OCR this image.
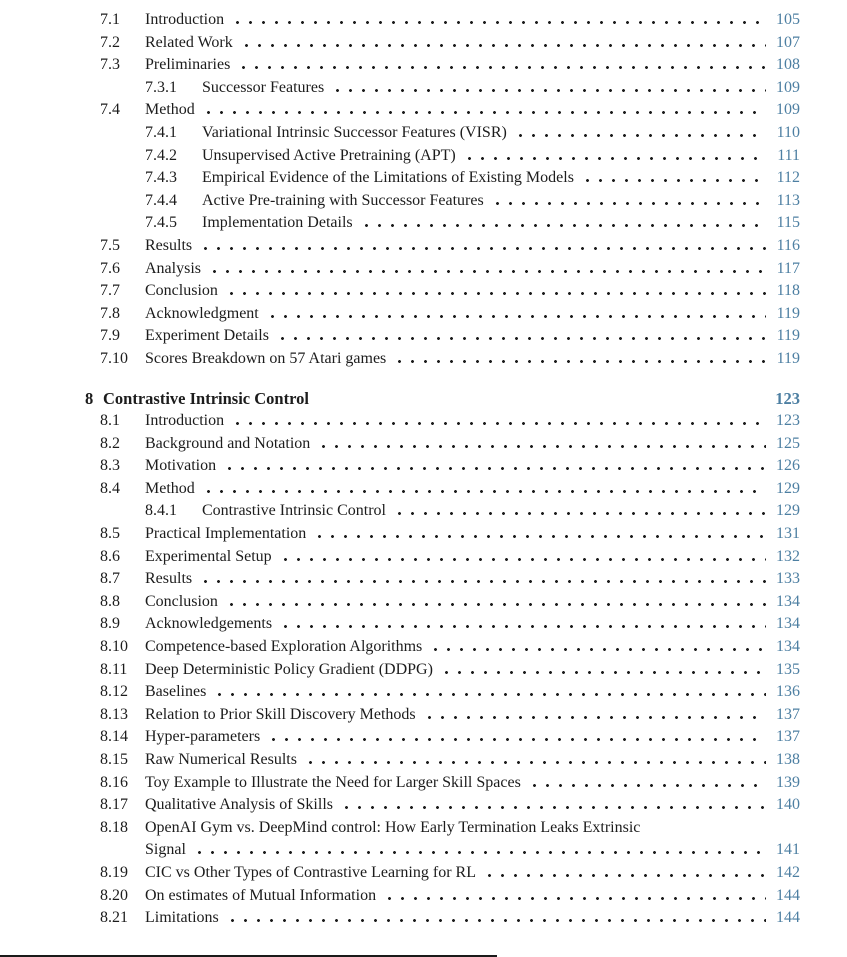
7.1	Introduction	105
7.2	Related Work	107
7.3	Preliminaries	108
7.3.1	Successor Features	109
7.4	Method	109
7.4.1	Variational Intrinsic Successor Features (VISR)	110
7.4.2	Unsupervised Active Pretraining (APT)	111
7.4.3	Empirical Evidence of the Limitations of Existing Models	112
7.4.4	Active Pre-training with Successor Features	113
7.4.5	Implementation Details	115
7.5	Results	116
7.6	Analysis	117
7.7	Conclusion	118
7.8	Acknowledgment	119
7.9	Experiment Details	119
7.10	Scores Breakdown on 57 Atari games	119
8 Contrastive Intrinsic Control	123
8.1	Introduction	123
8.2	Background and Notation	125
8.3	Motivation	126
8.4	Method	129
8.4.1	Contrastive Intrinsic Control	129
8.5	Practical Implementation	131
8.6	Experimental Setup	132
8.7	Results	133
8.8	Conclusion	134
8.9	Acknowledgements	134
8.10	Competence-based Exploration Algorithms	134
8.11	Deep Deterministic Policy Gradient (DDPG)	135
8.12	Baselines	136
8.13	Relation to Prior Skill Discovery Methods	137
8.14	Hyper-parameters	137
8.15	Raw Numerical Results	138
8.16	Toy Example to Illustrate the Need for Larger Skill Spaces	139
8.17	Qualitative Analysis of Skills	140
8.18	OpenAI Gym vs. DeepMind control: How Early Termination Leaks Extrinsic
Signal	141
8.19	CIC vs Other Types of Contrastive Learning for RL	142
8.20	On estimates of Mutual Information	144
8.21	Limitations	144
